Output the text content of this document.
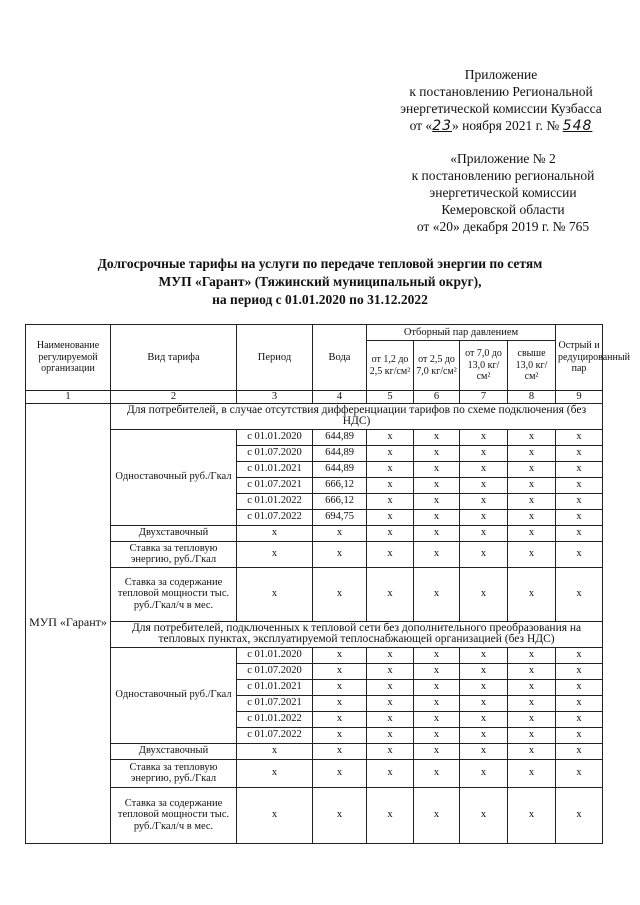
Приложение
к постановлению Региональной
энергетической комиссии Кузбасса
от «23» ноября 2021 г. № 548
«Приложение № 2
к постановлению региональной
энергетической комиссии
Кемеровской области
от «20» декабря 2019 г. № 765
Долгосрочные тарифы на услуги по передаче тепловой энергии по сетям
МУП «Гарант» (Тяжинский муниципальный округ),
на период с 01.01.2020 по 31.12.2022
Наименование регулируемой организации	Вид тарифа	Период	Вода	Отборный пар давлением				Острый и редуцированный пар
				от 1,2 до 2,5 кг/см²	от 2,5 до 7,0 кг/см²	от 7,0 до 13,0 кг/см²	свыше 13,0 кг/см²	
1	2	3	4	5	6	7	8	9
МУП «Гарант»	Для потребителей, в случае отсутствия дифференциации тарифов по схеме подключения (без НДС)							
	Одноставочный руб./Гкал	с 01.01.2020	644,89	х	х	х	х	х
		с 01.07.2020	644,89	х	х	х	х	х
		с 01.01.2021	644,89	х	х	х	х	х
		с 01.07.2021	666,12	х	х	х	х	х
		с 01.01.2022	666,12	х	х	х	х	х
		с 01.07.2022	694,75	х	х	х	х	х
	Двухставочный	х	х	х	х	х	х	х
	Ставка за тепловую энергию, руб./Гкал	х	х	х	х	х	х	х
	Ставка за содержание тепловой мощности тыс. руб./Гкал/ч в мес.	х	х	х	х	х	х	х
	Для потребителей, подключенных к тепловой сети без дополнительного преобразования на тепловых пунктах, эксплуатируемой теплоснабжающей организацией (без НДС)							
	Одноставочный руб./Гкал	с 01.01.2020	х	х	х	х	х	х
		с 01.07.2020	х	х	х	х	х	х
		с 01.01.2021	х	х	х	х	х	х
		с 01.07.2021	х	х	х	х	х	х
		с 01.01.2022	х	х	х	х	х	х
		с 01.07.2022	х	х	х	х	х	х
	Двухставочный	х	х	х	х	х	х	х
	Ставка за тепловую энергию, руб./Гкал	х	х	х	х	х	х	х
	Ставка за содержание тепловой мощности тыс. руб./Гкал/ч в мес.	х	х	х	х	х	х	х
